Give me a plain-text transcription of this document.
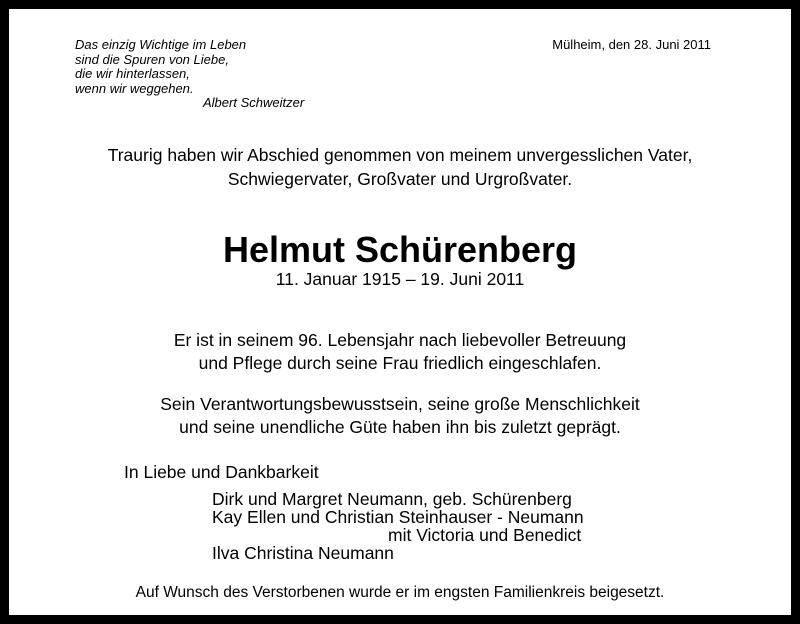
Das einzig Wichtige im Leben
sind die Spuren von Liebe,
die wir hinterlassen,
wenn wir weggehen.
Albert Schweitzer
Mülheim, den 28. Juni 2011
Traurig haben wir Abschied genommen von meinem unvergesslichen Vater,
Schwiegervater, Großvater und Urgroßvater.
Helmut Schürenberg
11. Januar 1915 – 19. Juni 2011
Er ist in seinem 96. Lebensjahr nach liebevoller Betreuung
und Pflege durch seine Frau friedlich eingeschlafen.
Sein Verantwortungsbewusstsein, seine große Menschlichkeit
und seine unendliche Güte haben ihn bis zuletzt geprägt.
In Liebe und Dankbarkeit
Dirk und Margret Neumann, geb. Schürenberg
Kay Ellen und Christian Steinhauser - Neumann
mit Victoria und Benedict
Ilva Christina Neumann
Auf Wunsch des Verstorbenen wurde er im engsten Familienkreis beigesetzt.
